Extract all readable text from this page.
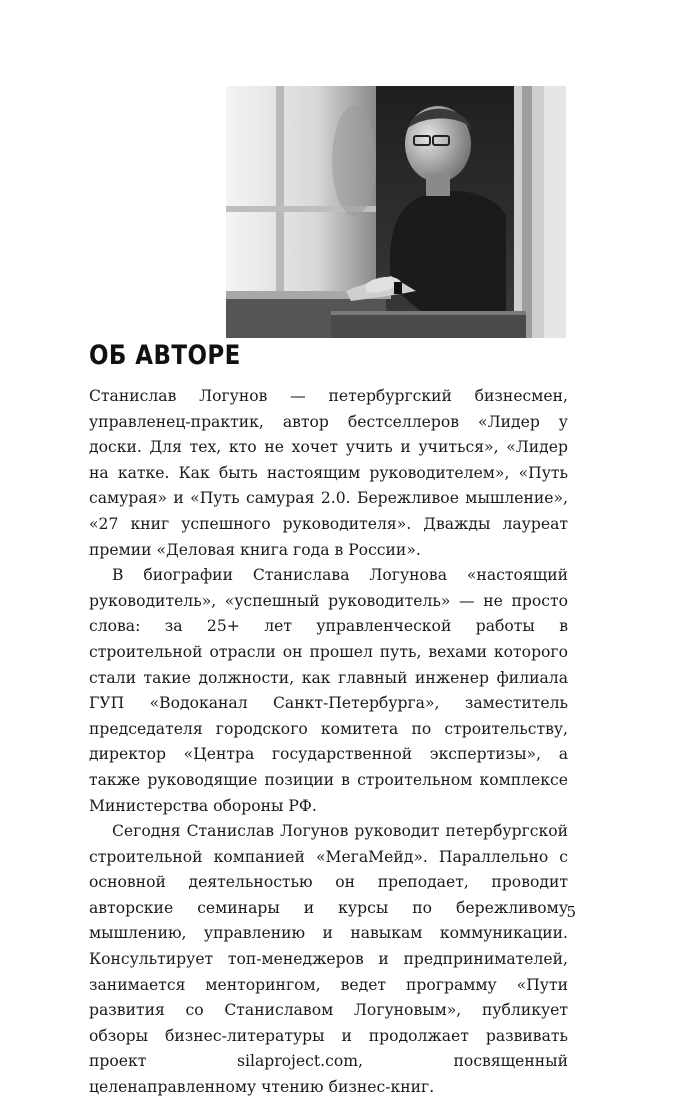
ОБ АВТОРЕ

Станислав Логунов — петербургский бизнесмен, управленец-практик, автор бестселлеров «Лидер у доски. Для тех, кто не хочет учить и учиться», «Лидер на катке. Как быть настоящим руководителем», «Путь самурая» и «Путь самурая 2.0. Бережливое мышление», «27 книг успешного руководителя». Дважды лауреат премии «Деловая книга года в России».

В биографии Станислава Логунова «настоящий руководитель», «успешный руководитель» — не просто слова: за 25+ лет управленческой работы в строительной отрасли он прошел путь, вехами которого стали такие должности, как главный инженер филиала ГУП «Водоканал Санкт-Петербурга», заместитель председателя городского комитета по строительству, директор «Центра государственной экспертизы», а также руководящие позиции в строительном комплексе Министерства обороны РФ.

Сегодня Станислав Логунов руководит петербургской строительной компанией «МегаМейд». Параллельно с основной деятельностью он преподает, проводит авторские семинары и курсы по бережливому мышлению, управлению и навыкам коммуникации. Консультирует топ-менеджеров и предпринимателей, занимается менторингом, ведет программу «Пути развития со Станиславом Логуновым», публикует обзоры бизнес-литературы и продолжает развивать проект silaproject.com, посвященный целенаправленному чтению бизнес-книг.

5
